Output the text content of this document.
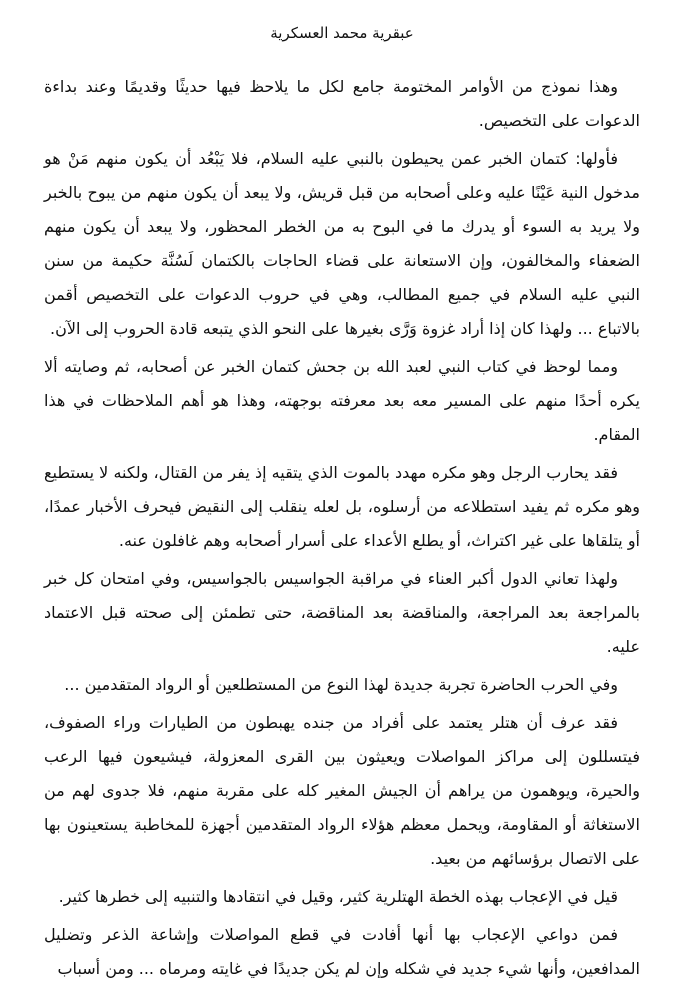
عبقرية محمد العسكرية

وهذا نموذج من الأوامر المختومة جامع لكل ما يلاحظ فيها حديثًا وقديمًا وعند بداءة الدعوات على التخصيص.

فأولها: كتمان الخبر عمن يحيطون بالنبي عليه السلام، فلا يَبْعُد أن يكون منهم مَنْ هو مدخول النية عَيْنًا عليه وعلى أصحابه من قبل قريش، ولا يبعد أن يكون منهم من يبوح بالخبر ولا يريد به السوء أو يدرك ما في البوح به من الخطر المحظور، ولا يبعد أن يكون منهم الضعفاء والمخالفون، وإن الاستعانة على قضاء الحاجات بالكتمان لَسُنَّة حكيمة من سنن النبي عليه السلام في جميع المطالب، وهي في حروب الدعوات على التخصيص أقمن بالاتباع ... ولهذا كان إذا أراد غزوة وَرَّى بغيرها على النحو الذي يتبعه قادة الحروب إلى الآن.

ومما لوحظ في كتاب النبي لعبد الله بن جحش كتمان الخبر عن أصحابه، ثم وصايته ألا يكره أحدًا منهم على المسير معه بعد معرفته بوجهته، وهذا هو أهم الملاحظات في هذا المقام.

فقد يحارب الرجل وهو مكره مهدد بالموت الذي يتقيه إذ يفر من القتال، ولكنه لا يستطيع وهو مكره ثم يفيد استطلاعه من أرسلوه، بل لعله ينقلب إلى النقيض فيحرف الأخبار عمدًا، أو يتلقاها على غير اكتراث، أو يطلع الأعداء على أسرار أصحابه وهم غافلون عنه.

ولهذا تعاني الدول أكبر العناء في مراقبة الجواسيس بالجواسيس، وفي امتحان كل خبر بالمراجعة بعد المراجعة، والمناقضة بعد المناقضة، حتى تطمئن إلى صحته قبل الاعتماد عليه.

وفي الحرب الحاضرة تجربة جديدة لهذا النوع من المستطلعين أو الرواد المتقدمين ...

فقد عرف أن هتلر يعتمد على أفراد من جنده يهبطون من الطيارات وراء الصفوف، فيتسللون إلى مراكز المواصلات ويعيثون بين القرى المعزولة، فيشيعون فيها الرعب والحيرة، ويوهمون من يراهم أن الجيش المغير كله على مقربة منهم، فلا جدوى لهم من الاستغاثة أو المقاومة، ويحمل معظم هؤلاء الرواد المتقدمين أجهزة للمخاطبة يستعينون بها على الاتصال برؤسائهم من بعيد.

قيل في الإعجاب بهذه الخطة الهتلرية كثير، وقيل في انتقادها والتنبيه إلى خطرها كثير.

فمن دواعي الإعجاب بها أنها أفادت في قطع المواصلات وإشاعة الذعر وتضليل المدافعين، وأنها شيء جديد في شكله وإن لم يكن جديدًا في غايته ومرماه ... ومن أسباب
